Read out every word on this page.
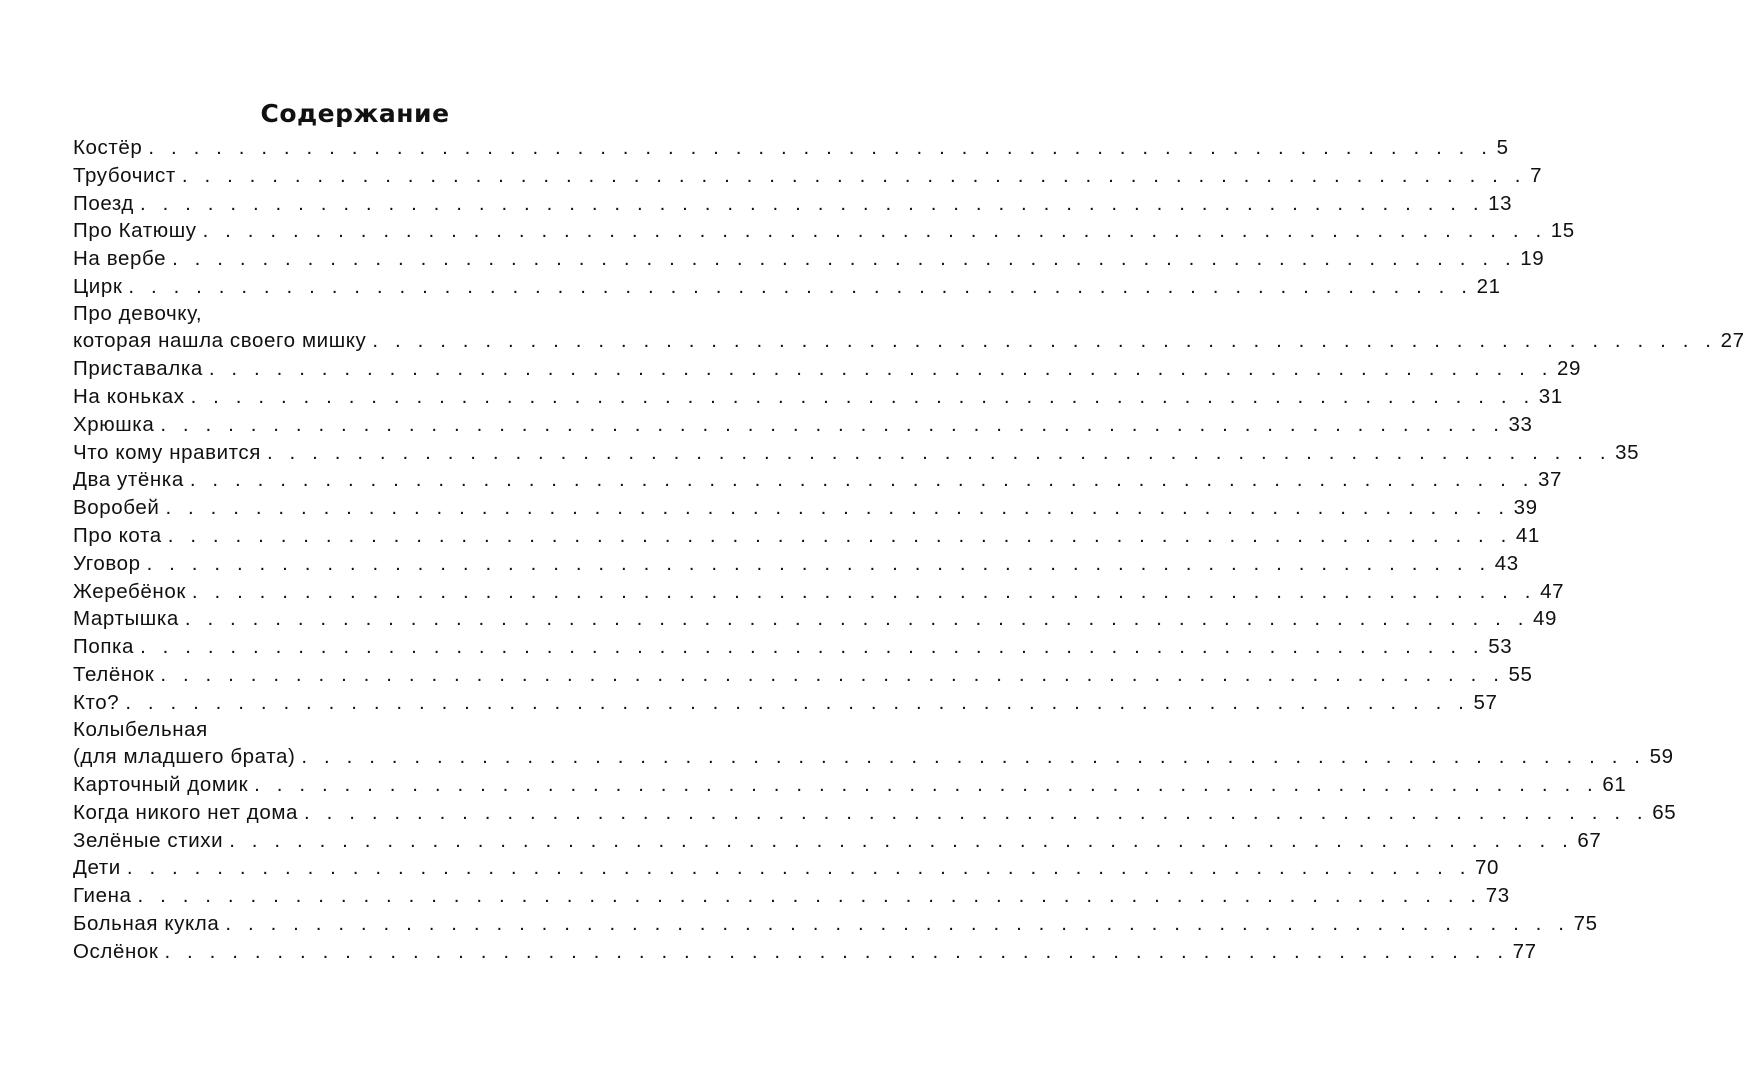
Содержание
Костёр . . . . . . . . . . . . . . . . . . . . . . . . . . . . . . . . . . . . . . . . . . . . . . . . . . . . . . . . . . . . 5
Трубочист . . . . . . . . . . . . . . . . . . . . . . . . . . . . . . . . . . . . . . . . . . . . . . . . . . . . . . . . . . . . 7
Поезд . . . . . . . . . . . . . . . . . . . . . . . . . . . . . . . . . . . . . . . . . . . . . . . . . . . . . . . . . . . . 13
Про Катюшу . . . . . . . . . . . . . . . . . . . . . . . . . . . . . . . . . . . . . . . . . . . . . . . . . . . . . . . . . . . . 15
На вербе . . . . . . . . . . . . . . . . . . . . . . . . . . . . . . . . . . . . . . . . . . . . . . . . . . . . . . . . . . . . 19
Цирк . . . . . . . . . . . . . . . . . . . . . . . . . . . . . . . . . . . . . . . . . . . . . . . . . . . . . . . . . . . . 21
Про девочку,
которая нашла своего мишку . . . . . . . . . . . . . . . . . . . . . . . . . . . . . . . . . . . . . . . . . . . . . . . . . . . . . . . . . . . . 27
Приставалка . . . . . . . . . . . . . . . . . . . . . . . . . . . . . . . . . . . . . . . . . . . . . . . . . . . . . . . . . . . . 29
На коньках . . . . . . . . . . . . . . . . . . . . . . . . . . . . . . . . . . . . . . . . . . . . . . . . . . . . . . . . . . . . 31
Хрюшка . . . . . . . . . . . . . . . . . . . . . . . . . . . . . . . . . . . . . . . . . . . . . . . . . . . . . . . . . . . . 33
Что кому нравится . . . . . . . . . . . . . . . . . . . . . . . . . . . . . . . . . . . . . . . . . . . . . . . . . . . . . . . . . . . . 35
Два утёнка . . . . . . . . . . . . . . . . . . . . . . . . . . . . . . . . . . . . . . . . . . . . . . . . . . . . . . . . . . . . 37
Воробей . . . . . . . . . . . . . . . . . . . . . . . . . . . . . . . . . . . . . . . . . . . . . . . . . . . . . . . . . . . . 39
Про кота . . . . . . . . . . . . . . . . . . . . . . . . . . . . . . . . . . . . . . . . . . . . . . . . . . . . . . . . . . . . 41
Уговор . . . . . . . . . . . . . . . . . . . . . . . . . . . . . . . . . . . . . . . . . . . . . . . . . . . . . . . . . . . . 43
Жеребёнок . . . . . . . . . . . . . . . . . . . . . . . . . . . . . . . . . . . . . . . . . . . . . . . . . . . . . . . . . . . . 47
Мартышка . . . . . . . . . . . . . . . . . . . . . . . . . . . . . . . . . . . . . . . . . . . . . . . . . . . . . . . . . . . . 49
Попка . . . . . . . . . . . . . . . . . . . . . . . . . . . . . . . . . . . . . . . . . . . . . . . . . . . . . . . . . . . . 53
Телёнок . . . . . . . . . . . . . . . . . . . . . . . . . . . . . . . . . . . . . . . . . . . . . . . . . . . . . . . . . . . . 55
Кто? . . . . . . . . . . . . . . . . . . . . . . . . . . . . . . . . . . . . . . . . . . . . . . . . . . . . . . . . . . . . 57
Колыбельная
(для младшего брата) . . . . . . . . . . . . . . . . . . . . . . . . . . . . . . . . . . . . . . . . . . . . . . . . . . . . . . . . . . . . 59
Карточный домик . . . . . . . . . . . . . . . . . . . . . . . . . . . . . . . . . . . . . . . . . . . . . . . . . . . . . . . . . . . . 61
Когда никого нет дома . . . . . . . . . . . . . . . . . . . . . . . . . . . . . . . . . . . . . . . . . . . . . . . . . . . . . . . . . . . . 65
Зелёные стихи . . . . . . . . . . . . . . . . . . . . . . . . . . . . . . . . . . . . . . . . . . . . . . . . . . . . . . . . . . . . 67
Дети . . . . . . . . . . . . . . . . . . . . . . . . . . . . . . . . . . . . . . . . . . . . . . . . . . . . . . . . . . . . 70
Гиена . . . . . . . . . . . . . . . . . . . . . . . . . . . . . . . . . . . . . . . . . . . . . . . . . . . . . . . . . . . . 73
Больная кукла . . . . . . . . . . . . . . . . . . . . . . . . . . . . . . . . . . . . . . . . . . . . . . . . . . . . . . . . . . . . 75
Ослёнок . . . . . . . . . . . . . . . . . . . . . . . . . . . . . . . . . . . . . . . . . . . . . . . . . . . . . . . . . . . . 77
